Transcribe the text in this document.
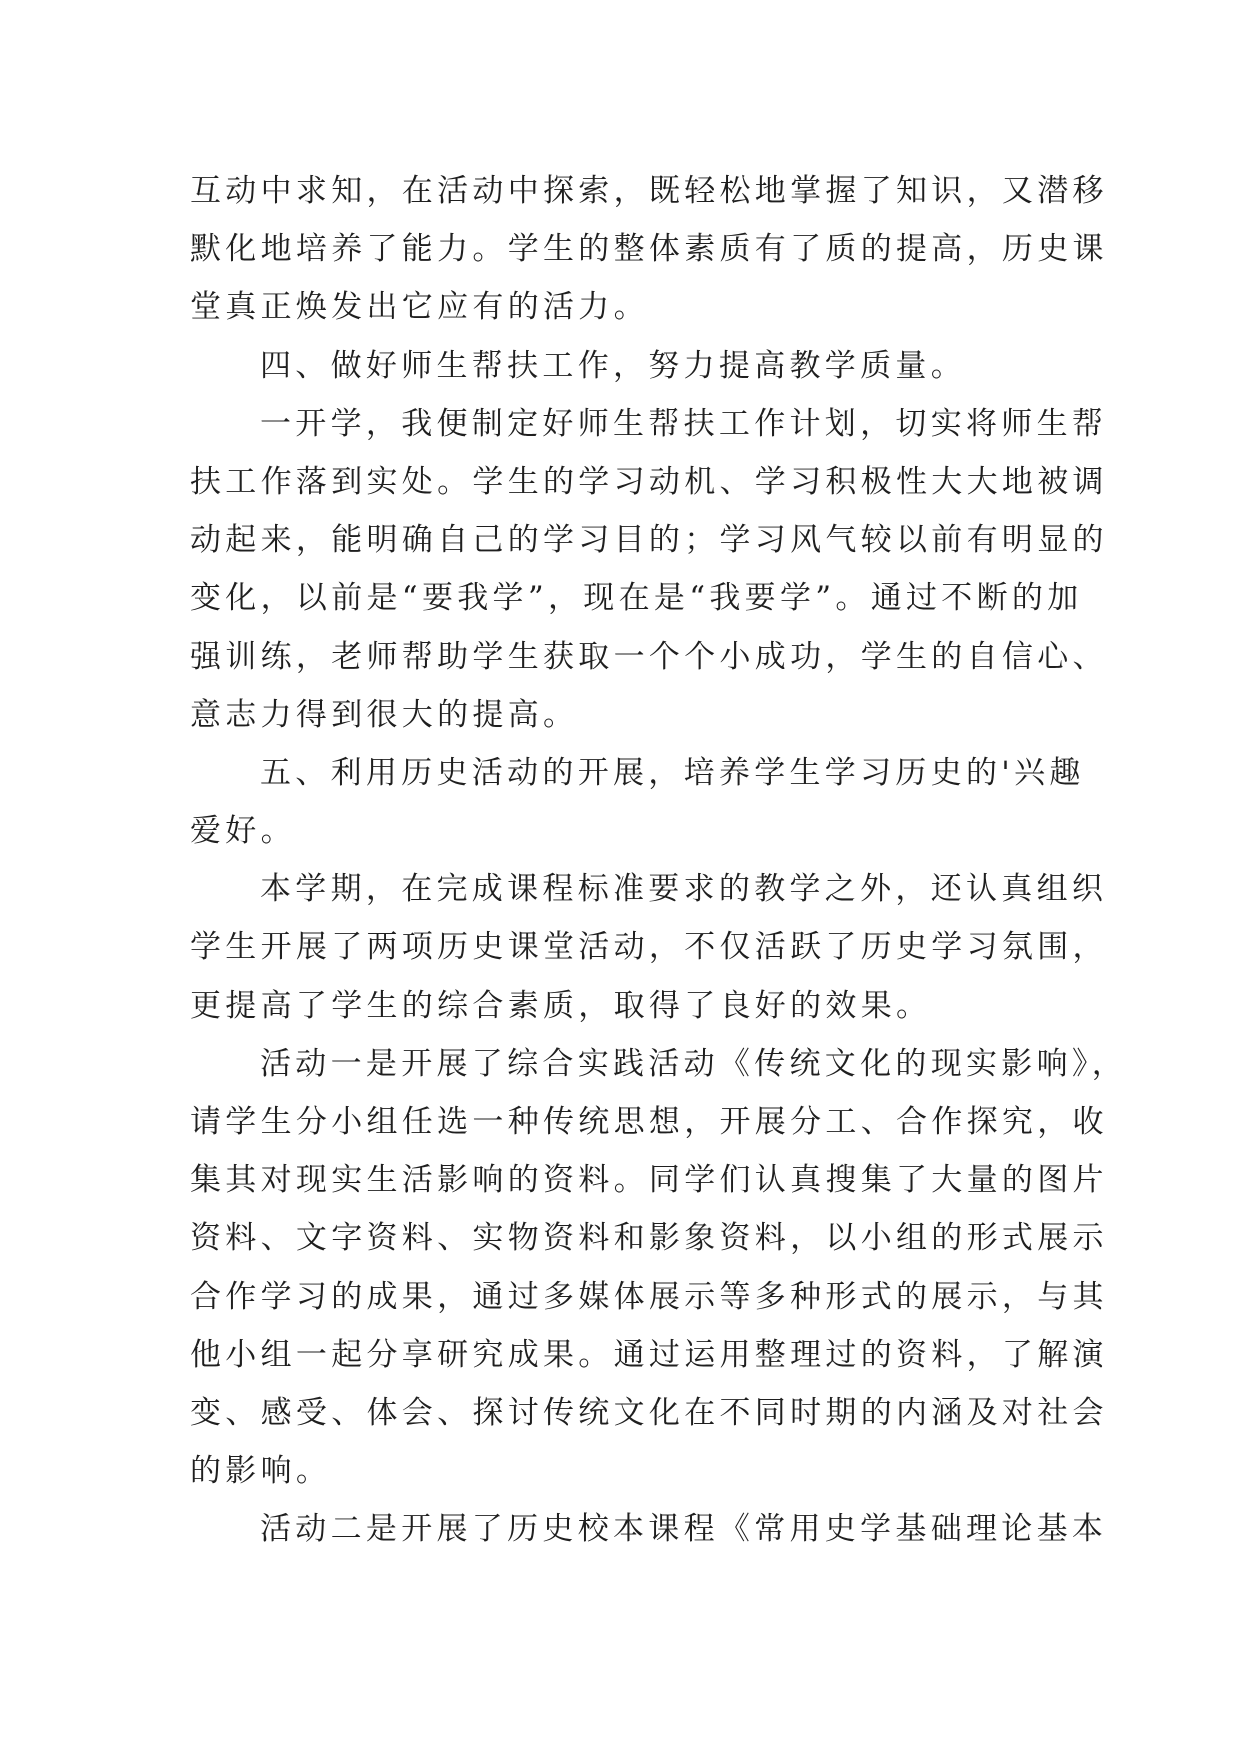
互动中求知，在活动中探索，既轻松地掌握了知识，又潜移
默化地培养了能力。学生的整体素质有了质的提高，历史课
堂真正焕发出它应有的活力。
四、做好师生帮扶工作，努力提高教学质量。
一开学，我便制定好师生帮扶工作计划，切实将师生帮
扶工作落到实处。学生的学习动机、学习积极性大大地被调
动起来，能明确自己的学习目的；学习风气较以前有明显的
变化，以前是“要我学”，现在是“我要学”。通过不断的加
强训练，老师帮助学生获取一个个小成功，学生的自信心、
意志力得到很大的提高。
五、利用历史活动的开展，培养学生学习历史的'兴趣
爱好。
本学期，在完成课程标准要求的教学之外，还认真组织
学生开展了两项历史课堂活动，不仅活跃了历史学习氛围，
更提高了学生的综合素质，取得了良好的效果。
活动一是开展了综合实践活动《传统文化的现实影响》，
请学生分小组任选一种传统思想，开展分工、合作探究，收
集其对现实生活影响的资料。同学们认真搜集了大量的图片
资料、文字资料、实物资料和影象资料，以小组的形式展示
合作学习的成果，通过多媒体展示等多种形式的展示，与其
他小组一起分享研究成果。通过运用整理过的资料，了解演
变、感受、体会、探讨传统文化在不同时期的内涵及对社会
的影响。
活动二是开展了历史校本课程《常用史学基础理论基本
